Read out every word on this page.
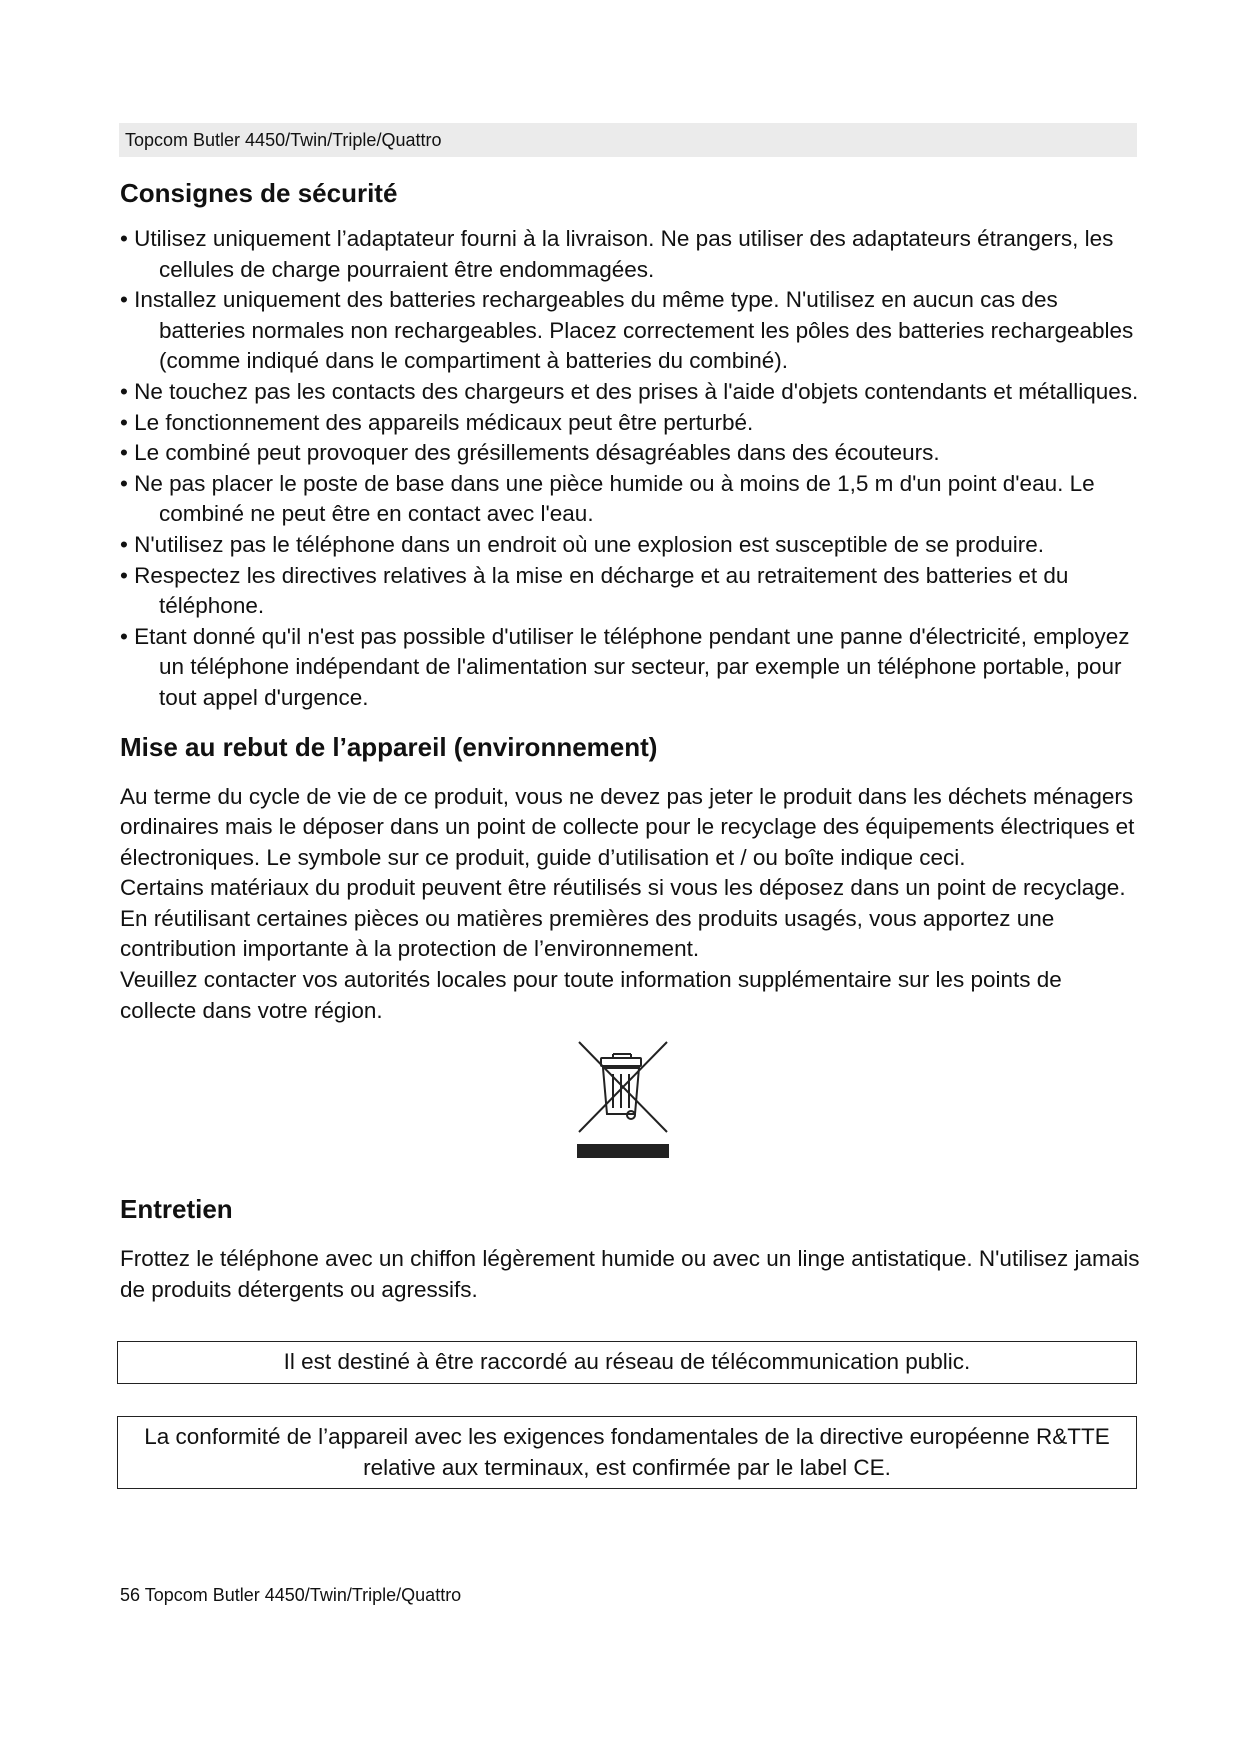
Topcom Butler 4450/Twin/Triple/Quattro
Consignes de sécurité
• Utilisez uniquement l’adaptateur fourni à la livraison. Ne pas utiliser des adaptateurs étrangers, les cellules de charge pourraient être endommagées.
• Installez uniquement des batteries rechargeables du même type. N'utilisez en aucun cas des batteries normales non rechargeables. Placez correctement les pôles des batteries rechargeables (comme indiqué dans le compartiment à batteries du combiné).
• Ne touchez pas les contacts des chargeurs et des prises à l'aide d'objets contendants et métalliques.
• Le fonctionnement des appareils médicaux peut être perturbé.
• Le combiné peut provoquer des grésillements désagréables dans des écouteurs.
• Ne pas placer le poste de base dans une pièce humide ou à moins de 1,5 m d'un point d'eau. Le combiné ne peut être en contact avec l'eau.
• N'utilisez pas le téléphone dans un endroit où une explosion est susceptible de se produire.
• Respectez les directives relatives à la mise en décharge et au retraitement des batteries et du téléphone.
• Etant donné qu'il n'est pas possible d'utiliser le téléphone pendant une panne d'électricité, employez un téléphone indépendant de l'alimentation sur secteur, par exemple un téléphone portable, pour tout appel d'urgence.
Mise au rebut de l’appareil (environnement)

Au terme du cycle de vie de ce produit, vous ne devez pas jeter le produit dans les déchets ménagers ordinaires mais le déposer dans un point de collecte pour le recyclage des équipements électriques et électroniques. Le symbole sur ce produit, guide d’utilisation et / ou boîte indique ceci.

Certains matériaux du produit peuvent être réutilisés si vous les déposez dans un point de recyclage. En réutilisant certaines pièces ou matières premières des produits usagés, vous apportez une contribution importante à la protection de l’environnement.

Veuillez contacter vos autorités locales pour toute information supplémentaire sur les points de collecte dans votre région.

Entretien

Frottez le téléphone avec un chiffon légèrement humide ou avec un linge antistatique. N'utilisez jamais de produits détergents ou agressifs.

Il est destiné à être raccordé au réseau de télécommunication public.
La conformité de l’appareil avec les exigences fondamentales de la directive européenne R&TTE relative aux terminaux, est confirmée par le label CE.
56 Topcom Butler 4450/Twin/Triple/Quattro
